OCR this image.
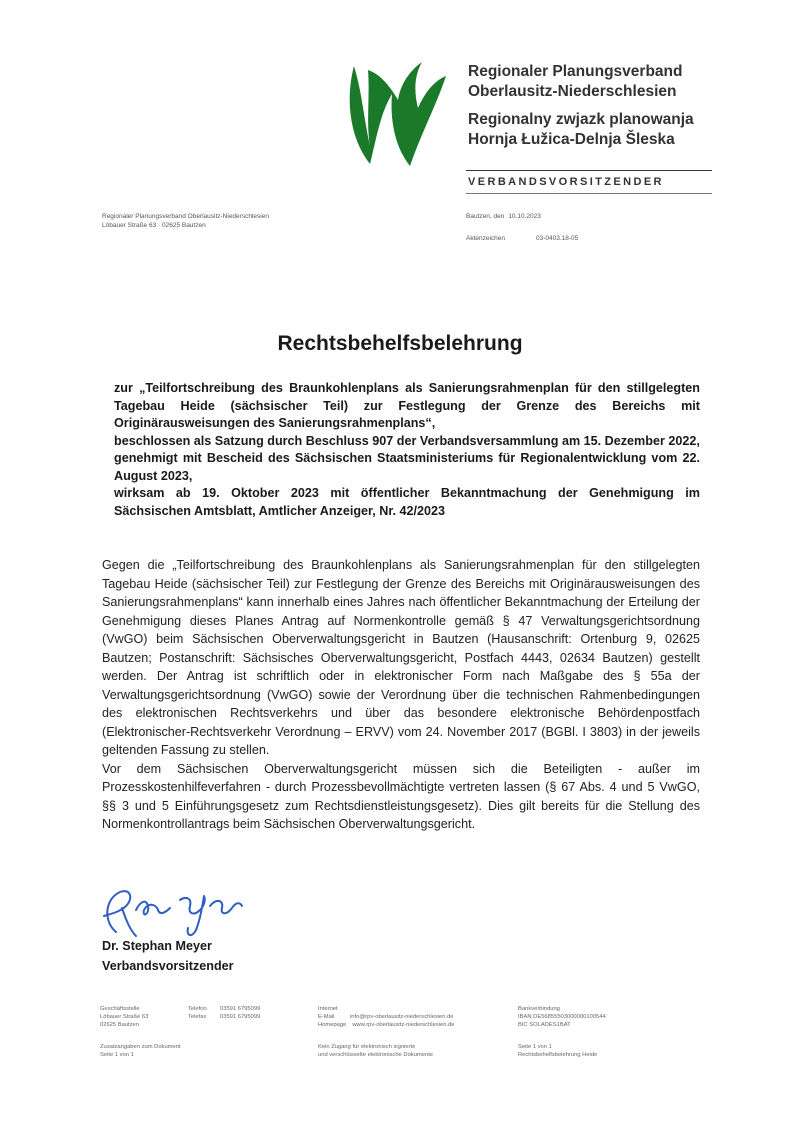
Regionaler Planungsverband
Oberlausitz-Niederschlesien
Regionalny zwjazk planowanja
Hornja Łužica-Delnja Šleska
VERBANDSVORSITZENDER
Regionaler Planungsverband Oberlausitz-Niederschlesien
Löbauer Straße 63 · 02625 Bautzen
Bautzen, den 10.10.2023
Aktenzeichen	03-0403.18-05
Rechtsbehelfsbelehrung

zur „Teilfortschreibung des Braunkohlenplans als Sanierungsrahmenplan für den stillgelegten Tagebau Heide (sächsischer Teil) zur Festlegung der Grenze des Bereichs mit Originärausweisungen des Sanierungsrahmenplans“,

beschlossen als Satzung durch Beschluss 907 der Verbandsversammlung am 15. Dezember 2022,

genehmigt mit Bescheid des Sächsischen Staatsministeriums für Regionalentwicklung vom 22. August 2023,

wirksam ab 19. Oktober 2023 mit öffentlicher Bekanntmachung der Genehmigung im Sächsischen Amtsblatt, Amtlicher Anzeiger, Nr. 42/2023

Gegen die „Teilfortschreibung des Braunkohlenplans als Sanierungsrahmenplan für den stillgelegten Tagebau Heide (sächsischer Teil) zur Festlegung der Grenze des Bereichs mit Originärausweisungen des Sanierungsrahmenplans“ kann innerhalb eines Jahres nach öffentlicher Bekanntmachung der Erteilung der Genehmigung dieses Planes Antrag auf Normenkontrolle gemäß § 47 Verwaltungsgerichtsordnung (VwGO) beim Sächsischen Oberverwaltungsgericht in Bautzen (Hausanschrift: Ortenburg 9, 02625 Bautzen; Postanschrift: Sächsisches Oberverwaltungsgericht, Postfach 4443, 02634 Bautzen) gestellt werden. Der Antrag ist schriftlich oder in elektronischer Form nach Maßgabe des § 55a der Verwaltungsgerichtsordnung (VwGO) sowie der Verordnung über die technischen Rahmenbedingungen des elektronischen Rechtsverkehrs und über das besondere elektronische Behördenpostfach (Elektronischer-Rechtsverkehr Verordnung – ERVV) vom 24. November 2017 (BGBl. I 3803) in der jeweils geltenden Fassung zu stellen.

Vor dem Sächsischen Oberverwaltungsgericht müssen sich die Beteiligten - außer im Prozesskostenhilfeverfahren - durch Prozessbevollmächtigte vertreten lassen (§ 67 Abs. 4 und 5 VwGO, §§ 3 und 5 Einführungsgesetz zum Rechtsdienstleistungsgesetz). Dies gilt bereits für die Stellung des Normenkontrollantrags beim Sächsischen Oberverwaltungsgericht.

Dr. Stephan Meyer
Verbandsvorsitzender
Geschäftsstelle
Löbauer Straße 63
02625 Bautzen
Telefon	03591 6795099
Telefax	03591 6795099
Internet
E-Mail	info@rpv-oberlausitz-niederschlesien.de
Homepage www.rpv-oberlausitz-niederschlesien.de
Bankverbindung
IBAN DE56855503000000100544
BIC SOLADES1BAT
Zusatzangaben zum Dokument
Seite 1 von 1
Kein Zugang für elektronisch signierte
und verschlüsselte elektronische Dokumente
Seite 1 von 1
Rechtsbehelfsbelehrung Heide
